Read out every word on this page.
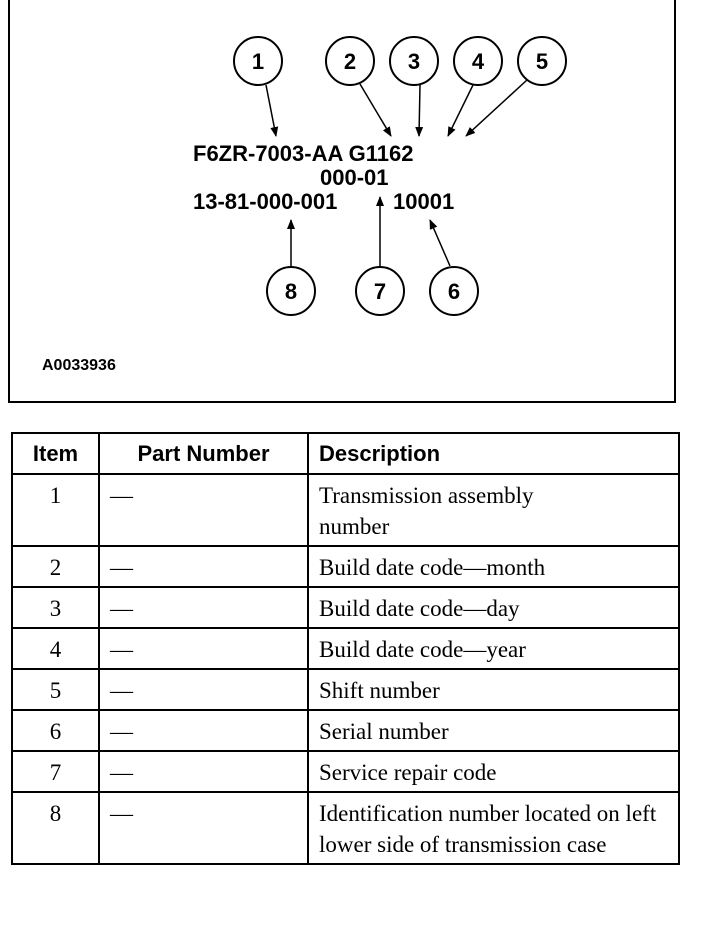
1	2 3 4 5
8	7	6
F6ZR-7003-AA G1162
000-01
13-81-000-001	10001
A0033936
Item	Part Number	Description
1	—	Transmission assembly number
2	—	Build date code—month
3	—	Build date code—day
4	—	Build date code—year
5	—	Shift number
6	—	Serial number
7	—	Service repair code
8	—	Identification number located on left lower side of transmission case
